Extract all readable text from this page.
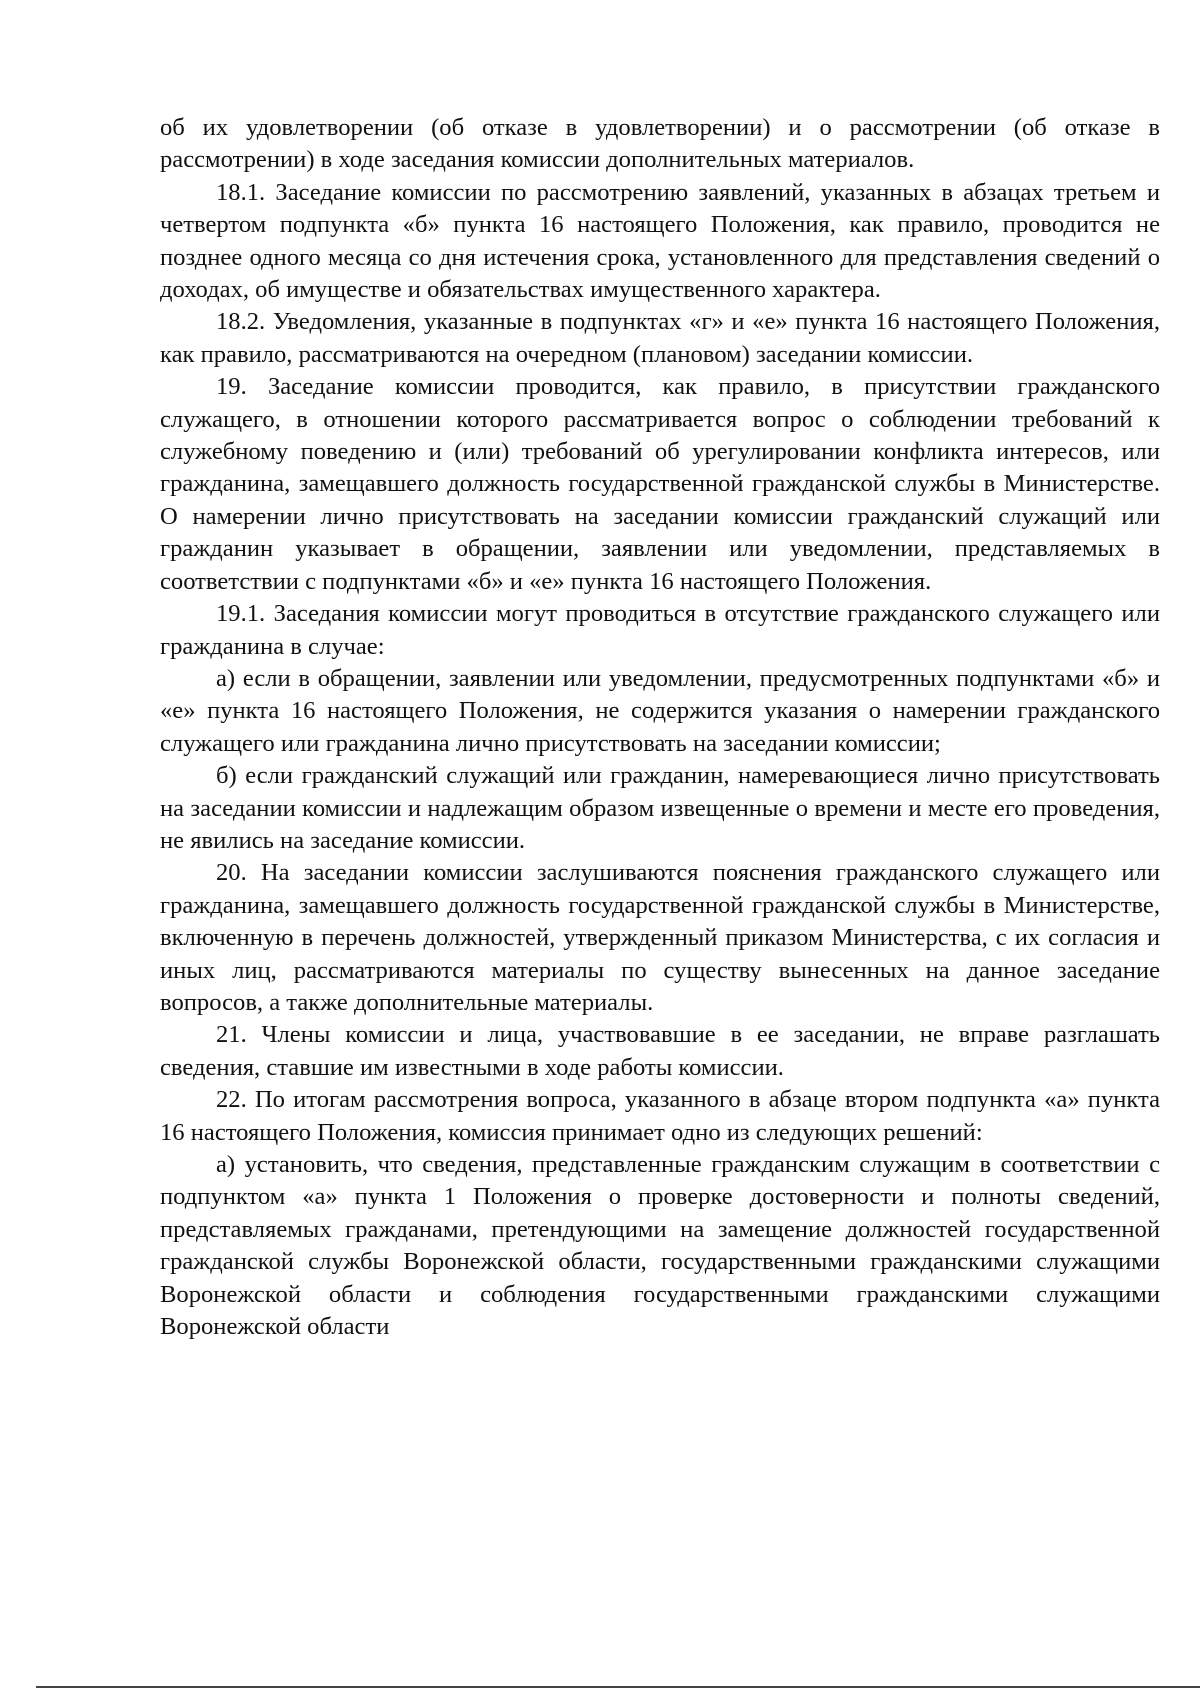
об их удовлетворении (об отказе в удовлетворении) и о рассмотрении (об отказе в рассмотрении) в ходе заседания комиссии дополнительных материалов.

18.1. Заседание комиссии по рассмотрению заявлений, указанных в абзацах третьем и четвертом подпункта «б» пункта 16 настоящего Положения, как правило, проводится не позднее одного месяца со дня истечения срока, установленного для представления сведений о доходах, об имуществе и обязательствах имущественного характера.

18.2. Уведомления, указанные в подпунктах «г» и «е» пункта 16 настоящего Положения, как правило, рассматриваются на очередном (плановом) заседании комиссии.

19. Заседание комиссии проводится, как правило, в присутствии гражданского служащего, в отношении которого рассматривается вопрос о соблюдении требований к служебному поведению и (или) требований об урегулировании конфликта интересов, или гражданина, замещавшего должность государственной гражданской службы в Министерстве. О намерении лично присутствовать на заседании комиссии гражданский служащий или гражданин указывает в обращении, заявлении или уведомлении, представляемых в соответствии с подпунктами «б» и «е» пункта 16 настоящего Положения.

19.1. Заседания комиссии могут проводиться в отсутствие гражданского служащего или гражданина в случае:

а) если в обращении, заявлении или уведомлении, предусмотренных подпунктами «б» и «е» пункта 16 настоящего Положения, не содержится указания о намерении гражданского служащего или гражданина лично присутствовать на заседании комиссии;

б) если гражданский служащий или гражданин, намеревающиеся лично присутствовать на заседании комиссии и надлежащим образом извещенные о времени и месте его проведения, не явились на заседание комиссии.

20. На заседании комиссии заслушиваются пояснения гражданского служащего или гражданина, замещавшего должность государственной гражданской службы в Министерстве, включенную в перечень должностей, утвержденный приказом Министерства, с их согласия и иных лиц, рассматриваются материалы по существу вынесенных на данное заседание вопросов, а также дополнительные материалы.

21. Члены комиссии и лица, участвовавшие в ее заседании, не вправе разглашать сведения, ставшие им известными в ходе работы комиссии.

22. По итогам рассмотрения вопроса, указанного в абзаце втором подпункта «а» пункта 16 настоящего Положения, комиссия принимает одно из следующих решений:

а) установить, что сведения, представленные гражданским служащим в соответствии с подпунктом «а» пункта 1 Положения о проверке достоверности и полноты сведений, представляемых гражданами, претендующими на замещение должностей государственной гражданской службы Воронежской области, государственными гражданскими служащими Воронежской области и соблюдения государственными гражданскими служащими Воронежской области
